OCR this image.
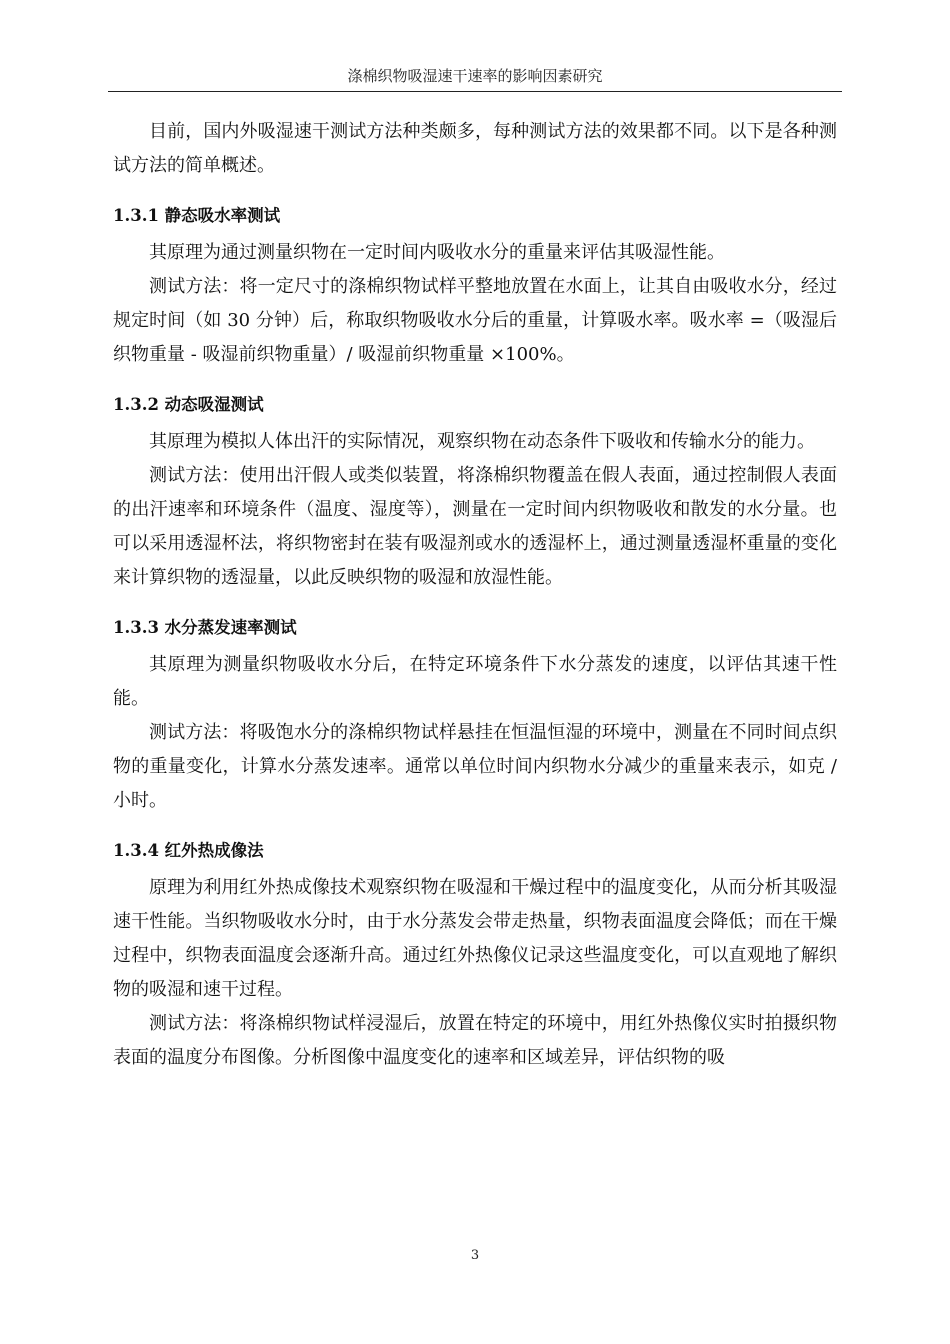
涤棉织物吸湿速干速率的影响因素研究

目前，国内外吸湿速干测试方法种类颇多，每种测试方法的效果都不同。以下是各种测试方法的简单概述。

1.3.1 静态吸水率测试

其原理为通过测量织物在一定时间内吸收水分的重量来评估其吸湿性能。

测试方法：将一定尺寸的涤棉织物试样平整地放置在水面上，让其自由吸收水分，经过规定时间（如 30 分钟）后，称取织物吸收水分后的重量，计算吸水率。吸水率 =（吸湿后织物重量 - 吸湿前织物重量）/ 吸湿前织物重量 ×100%。

1.3.2 动态吸湿测试

其原理为模拟人体出汗的实际情况，观察织物在动态条件下吸收和传输水分的能力。

测试方法：使用出汗假人或类似装置，将涤棉织物覆盖在假人表面，通过控制假人表面的出汗速率和环境条件（温度、湿度等），测量在一定时间内织物吸收和散发的水分量。也可以采用透湿杯法，将织物密封在装有吸湿剂或水的透湿杯上，通过测量透湿杯重量的变化来计算织物的透湿量，以此反映织物的吸湿和放湿性能。

1.3.3 水分蒸发速率测试

其原理为测量织物吸收水分后，在特定环境条件下水分蒸发的速度，以评估其速干性能。

测试方法：将吸饱水分的涤棉织物试样悬挂在恒温恒湿的环境中，测量在不同时间点织物的重量变化，计算水分蒸发速率。通常以单位时间内织物水分减少的重量来表示，如克 / 小时。

1.3.4 红外热成像法

原理为利用红外热成像技术观察织物在吸湿和干燥过程中的温度变化，从而分析其吸湿速干性能。当织物吸收水分时，由于水分蒸发会带走热量，织物表面温度会降低；而在干燥过程中，织物表面温度会逐渐升高。通过红外热像仪记录这些温度变化，可以直观地了解织物的吸湿和速干过程。

测试方法：将涤棉织物试样浸湿后，放置在特定的环境中，用红外热像仪实时拍摄织物表面的温度分布图像。分析图像中温度变化的速率和区域差异，评估织物的吸

3
